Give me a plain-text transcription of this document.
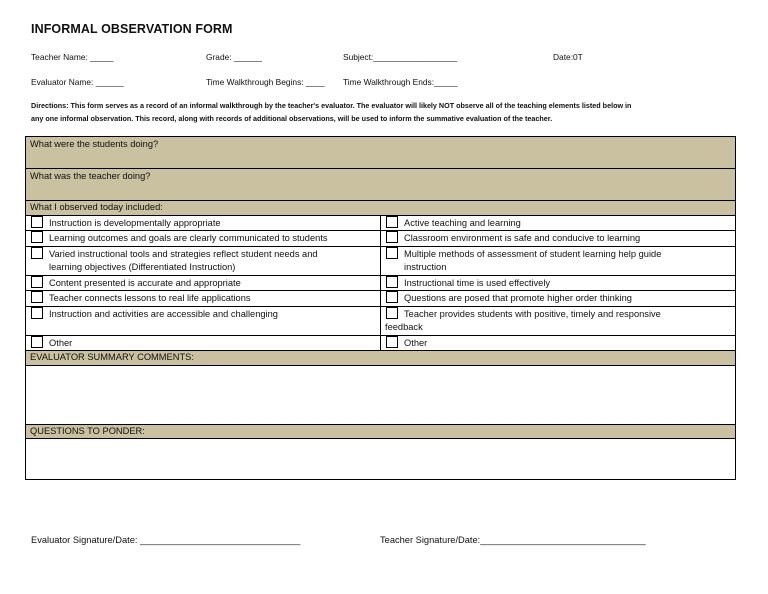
INFORMAL OBSERVATION FORM
Teacher Name: _____	Grade: ______	Subject:__________________	Date:0T
Evaluator Name: ______	Time Walkthrough Begins: ____ Time Walkthrough Ends:_____
Directions: This form serves as a record of an informal walkthrough by the teacher's evaluator. The evaluator will likely NOT observe all of the teaching elements listed below in
any one informal observation. This record, along with records of additional observations, will be used to inform the summative evaluation of the teacher.
What were the students doing?	
What was the teacher doing?	
What I observed today included:	
Instruction is developmentally appropriate	Active teaching and learning
Learning outcomes and goals are clearly communicated to students	Classroom environment is safe and conducive to learning
Varied instructional tools and strategies reflect student needs and
learning objectives (Differentiated Instruction)	Multiple methods of assessment of student learning help guide
instruction

Content presented is accurate and appropriate	Instructional time is used effectively
Teacher connects lessons to real life applications	Questions are posed that promote higher order thinking
Instruction and activities are accessible and challenging	Teacher provides students with positive, timely and responsive
feedback
Other	Other
EVALUATOR SUMMARY COMMENTS:	

QUESTIONS TO PONDER:	

Evaluator Signature/Date: _______________________________	Teacher Signature/Date:________________________________
